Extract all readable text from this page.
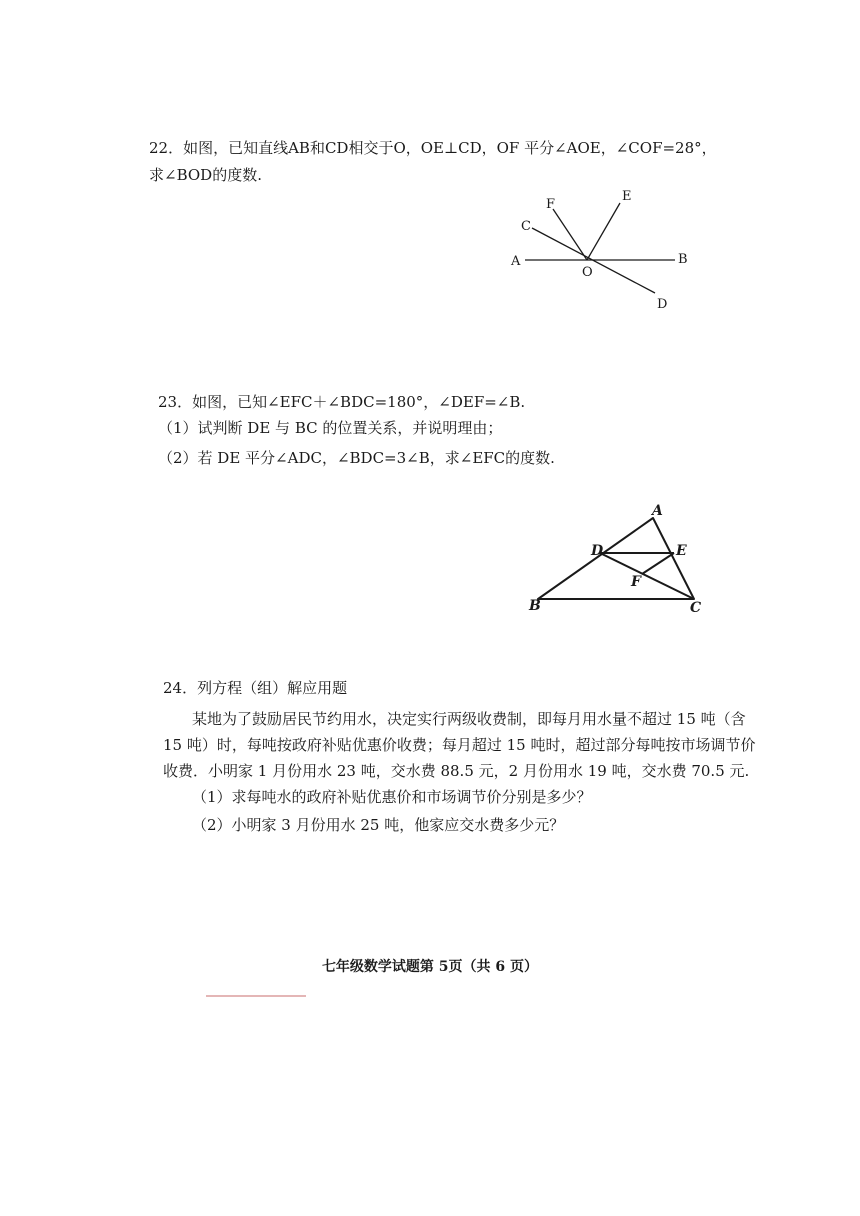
22．如图，已知直线AB和CD相交于O，OE⊥CD，OF 平分∠AOE，∠COF=28°，
求∠BOD的度数.
A	B
C
D
E
F
O
23．如图，已知∠EFC＋∠BDC=180°，∠DEF=∠B.
（1）试判断 DE 与 BC 的位置关系，并说明理由；
（2）若 DE 平分∠ADC，∠BDC=3∠B，求∠EFC的度数.
A
B	C
D	E
F
24．列方程（组）解应用题
某地为了鼓励居民节约用水，决定实行两级收费制，即每月用水量不超过 15 吨（含
15 吨）时，每吨按政府补贴优惠价收费；每月超过 15 吨时，超过部分每吨按市场调节价
收费．小明家 1 月份用水 23 吨，交水费 88.5 元，2 月份用水 19 吨，交水费 70.5 元.
（1）求每吨水的政府补贴优惠价和市场调节价分别是多少？
（2）小明家 3 月份用水 25 吨，他家应交水费多少元？
七年级数学试题第 5页（共 6 页）
